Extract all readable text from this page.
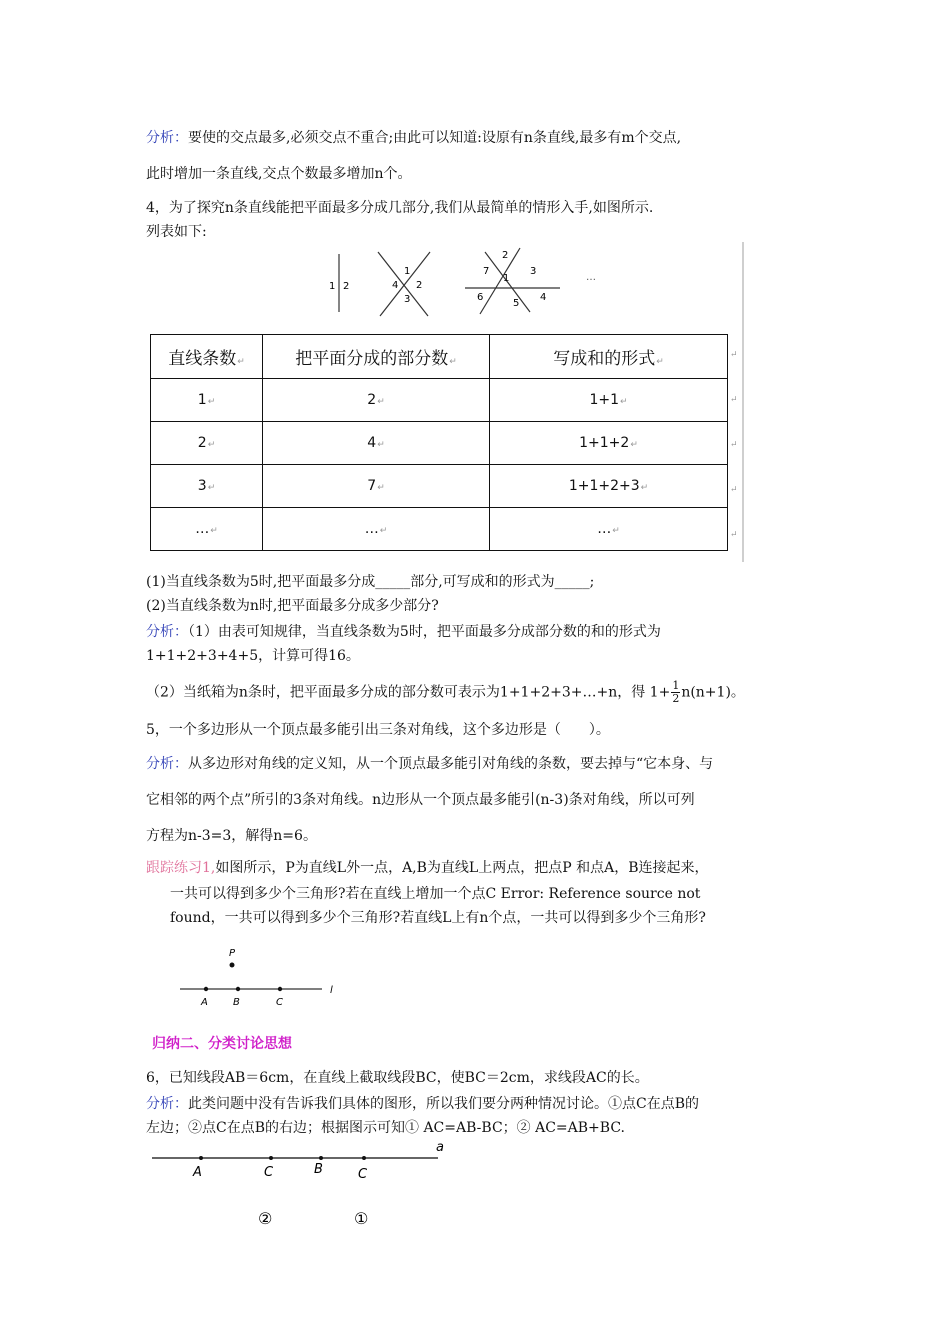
分析：要使的交点最多,必须交点不重合;由此可以知道:设原有n条直线,最多有m个交点,
此时增加一条直线,交点个数最多增加n个。
4，为了探究n条直线能把平面最多分成几部分,我们从最简单的情形入手,如图所示.
列表如下:
1 2
1
2
3
4
2
1
3
7
6	4
5
…
直线条数↵	把平面分成的部分数↵	写成和的形式↵
1↵	2↵	1+1↵
2↵	4↵	1+1+2↵
3↵	7↵	1+1+2+3↵
…↵	…↵	…↵
↵
↵
↵
↵
↵
(1)当直线条数为5时,把平面最多分成_____部分,可写成和的形式为_____;
(2)当直线条数为n时,把平面最多分成多少部分?
分析：（1）由表可知规律，当直线条数为5时，把平面最多分成部分数的和的形式为
1+1+2+3+4+5，计算可得16。
（2）当纸箱为n条时，把平面最多分成的部分数可表示为1+1+2+3+…+n，得 $1+ \frac{1}{2} n(n+1)$。
5，一个多边形从一个顶点最多能引出三条对角线，这个多边形是（　　）。
分析：从多边形对角线的定义知，从一个顶点最多能引对角线的条数，要去掉与“它本身、与
它相邻的两个点”所引的3条对角线。n边形从一个顶点最多能引(n-3)条对角线，所以可列
方程为n-3=3，解得n=6。
跟踪练习1,如图所示，P为直线L外一点，A,B为直线L上两点，把点P 和点A，B连接起来，
一共可以得到多少个三角形?若在直线上增加一个点C Error: Reference source not
found，一共可以得到多少个三角形?若直线L上有n个点，一共可以得到多少个三角形?
P
A	B	C
l
归纳二、分类讨论思想
6，已知线段AB＝6cm，在直线上截取线段BC，使BC＝2cm，求线段AC的长。
分析：此类问题中没有告诉我们具体的图形，所以我们要分两种情况讨论。①点C在点B的
左边；②点C在点B的右边；根据图示可知① AC=AB-BC；② AC=AB+BC.
A	C	B	C
a
②	①
